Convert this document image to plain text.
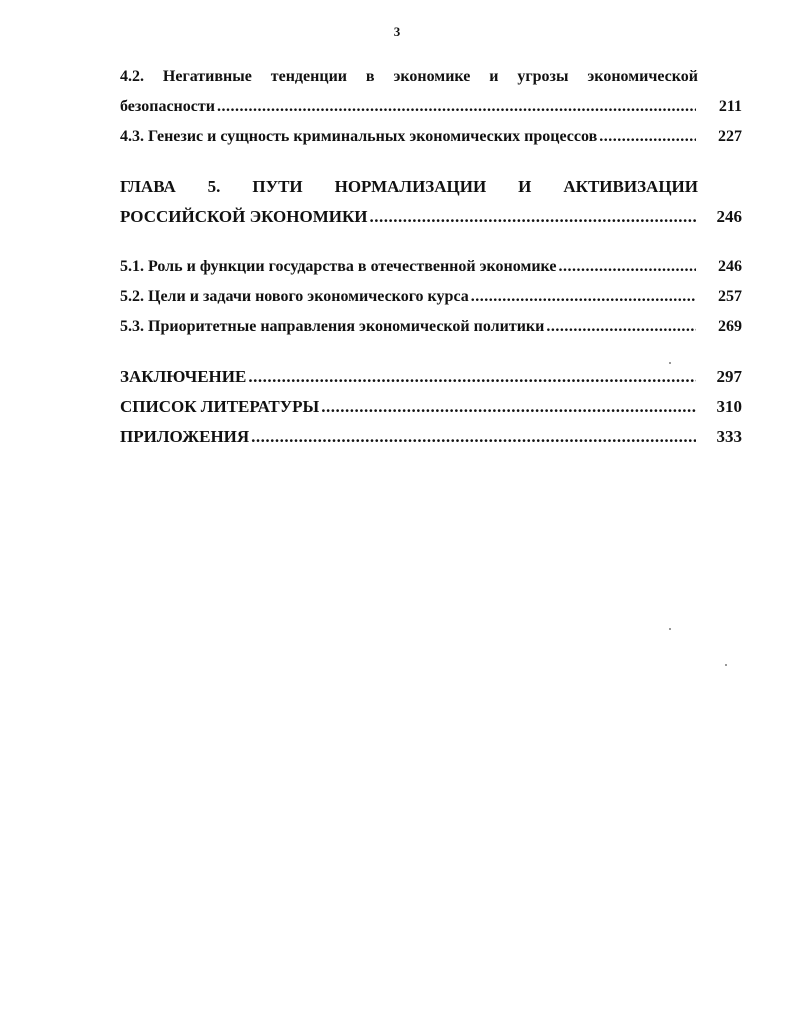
3
4.2. Негативные тенденции в экономике и угрозы экономической
безопасности .....	211
4.3. Генезис и сущность криминальных экономических процессов .....	227
ГЛАВА 5. ПУТИ НОРМАЛИЗАЦИИ И АКТИВИЗАЦИИ
РОССИЙСКОЙ ЭКОНОМИКИ .....	246
5.1. Роль и функции государства в отечественной экономике .....	246
5.2. Цели и задачи нового экономического курса .....	257
5.3. Приоритетные направления экономической политики .....	269
ЗАКЛЮЧЕНИЕ .....	297
СПИСОК ЛИТЕРАТУРЫ .....	310
ПРИЛОЖЕНИЯ .....	333
